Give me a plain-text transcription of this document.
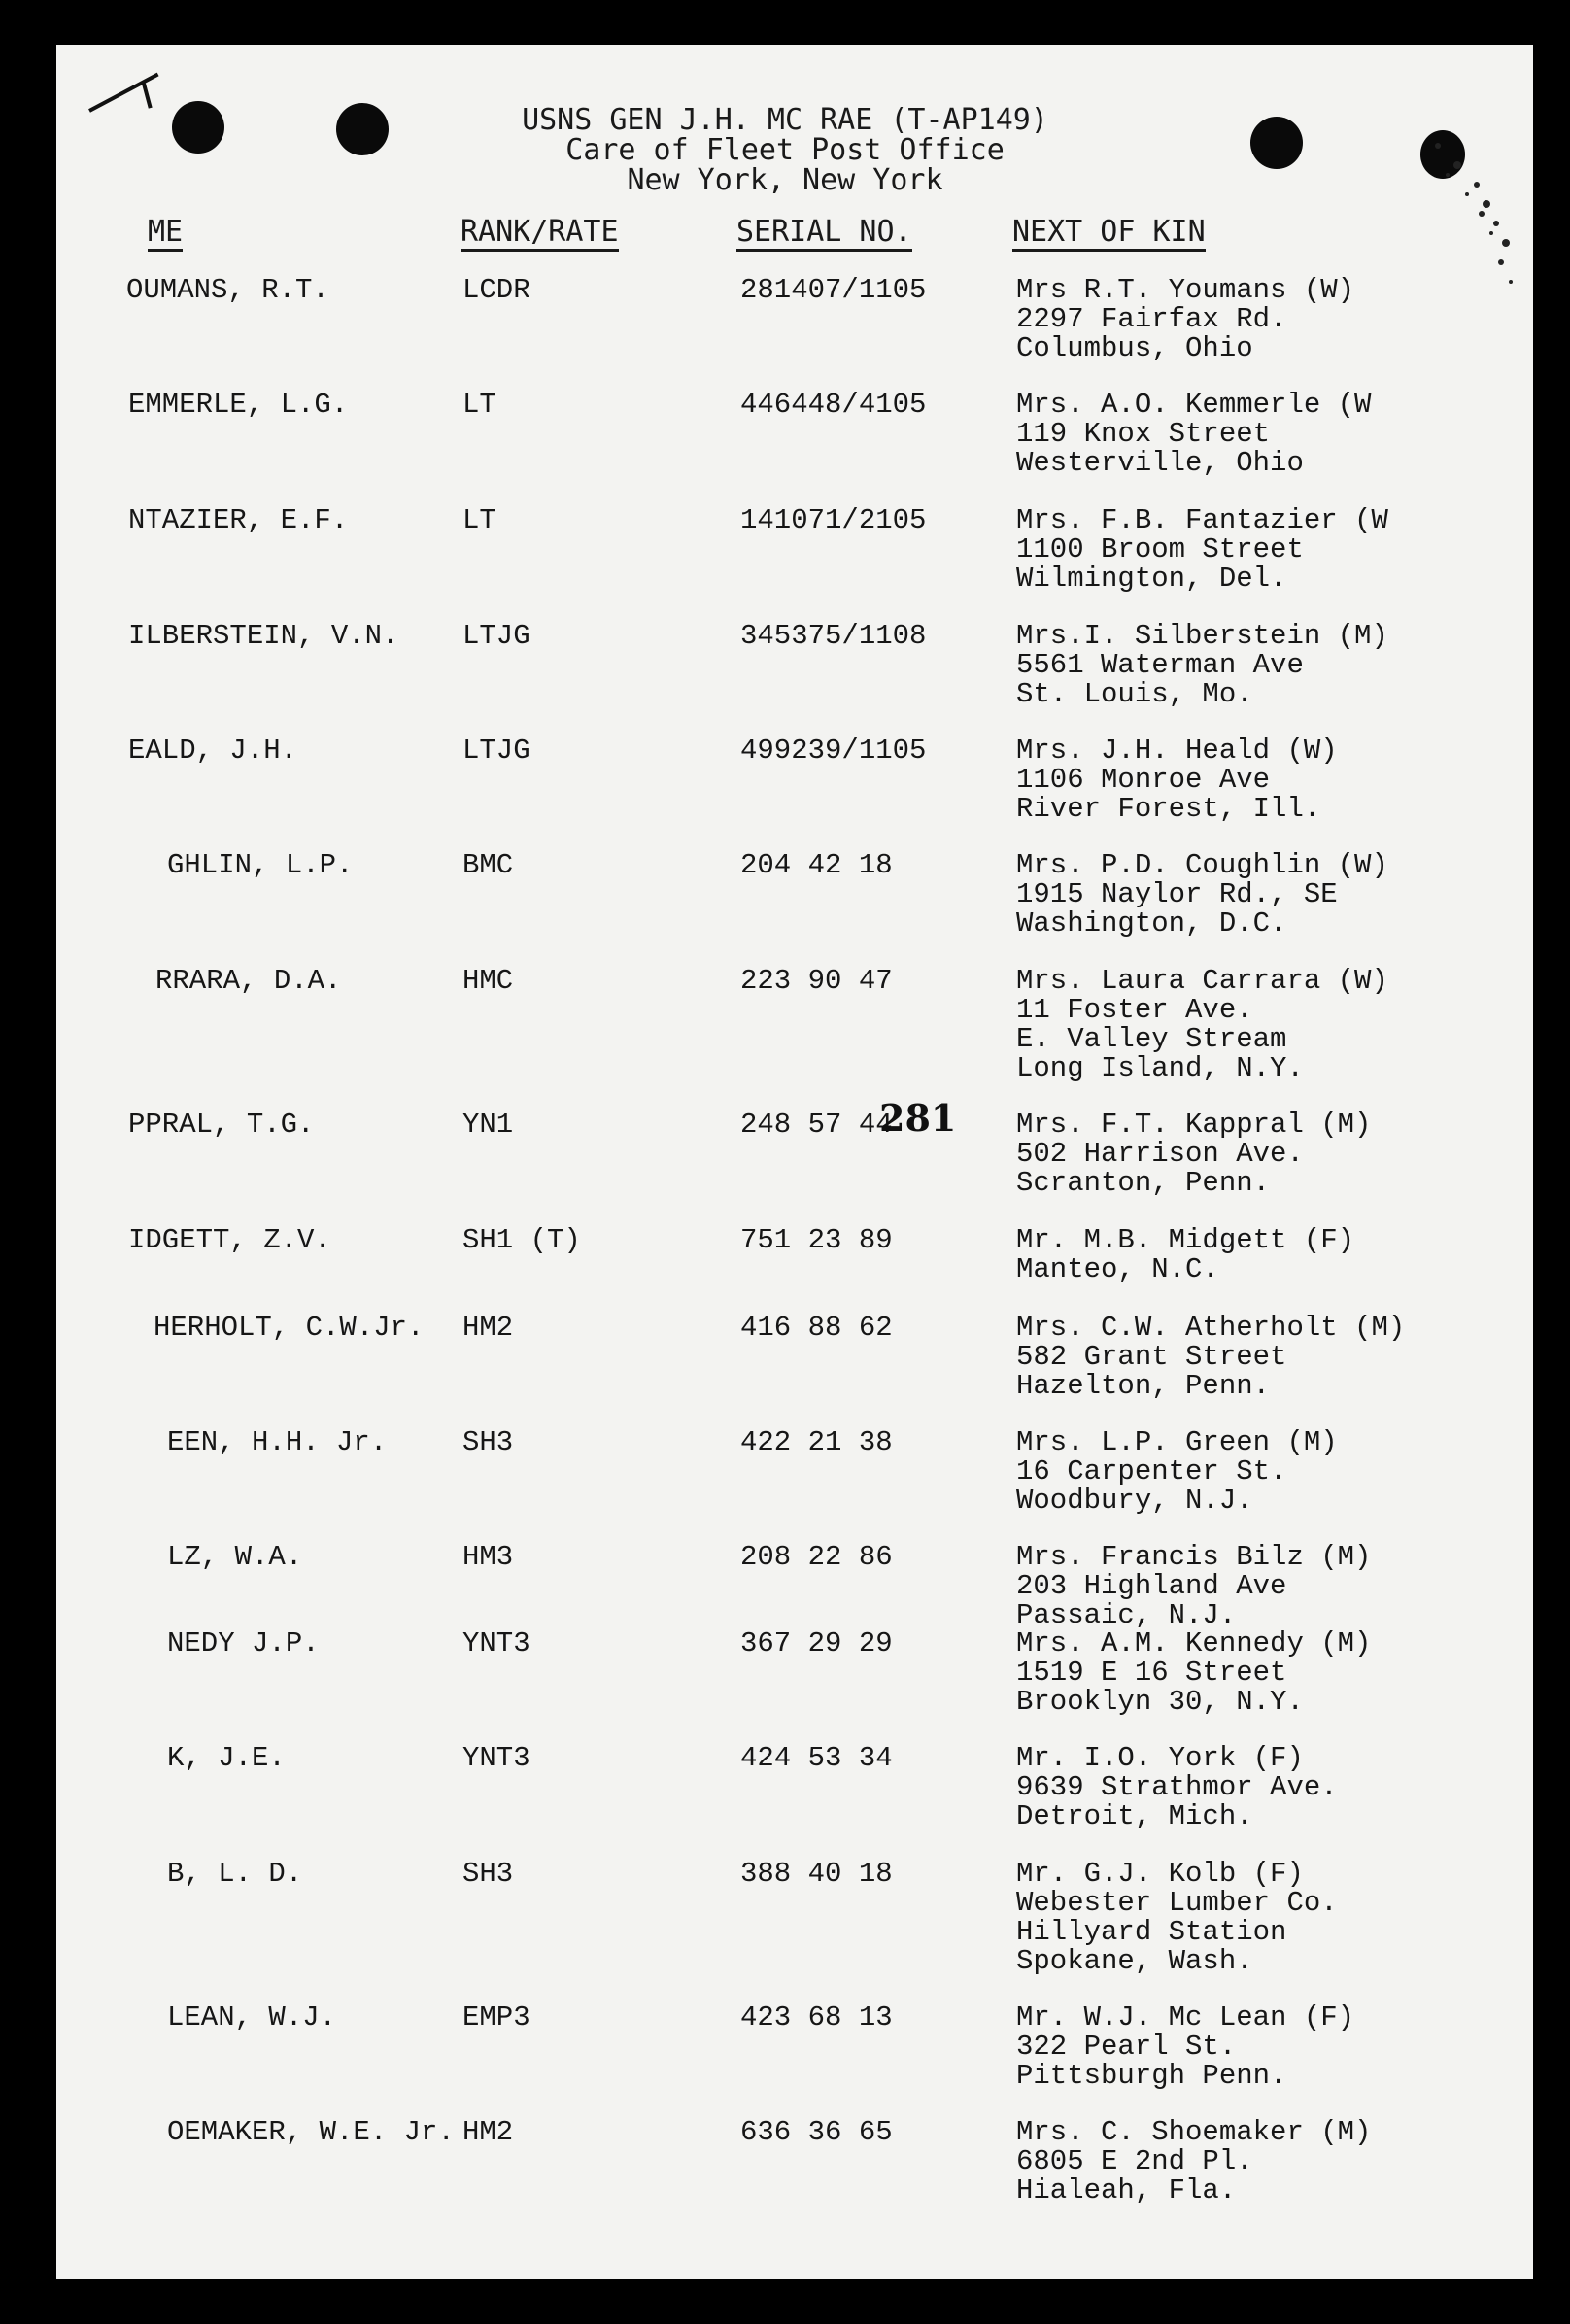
USNS GEN J.H. MC RAE (T-AP149)
Care of Fleet Post Office
New York, New York
ME	RANK/RATE	SERIAL NO.	NEXT OF KIN
OUMANS, R.T.	LCDR	281407/1105	Mrs R.T. Youmans (W)
2297 Fairfax Rd.
Columbus, Ohio
EMMERLE, L.G.	LT	446448/4105	Mrs. A.O. Kemmerle (W
119 Knox Street
Westerville, Ohio
NTAZIER, E.F.	LT	141071/2105	Mrs. F.B. Fantazier (W
1100 Broom Street
Wilmington, Del.
ILBERSTEIN, V.N. LTJG	345375/1108	Mrs.I. Silberstein (M)
5561 Waterman Ave
St. Louis, Mo.
EALD, J.H.	LTJG	499239/1105	Mrs. J.H. Heald (W)
1106 Monroe Ave
River Forest, Ill.
GHLIN, L.P.	BMC	204 42 18	Mrs. P.D. Coughlin (W)
1915 Naylor Rd., SE
Washington, D.C.
RRARA, D.A.	HMC	223 90 47	Mrs. Laura Carrara (W)
11 Foster Ave.
E. Valley Stream
Long Island, N.Y.
PPRAL, T.G.	YN1	248 57 44	Mrs. F.T. Kappral (M)
502 Harrison Ave.
Scranton, Penn.
IDGETT, Z.V.	SH1 (T)	751 23 89	Mr. M.B. Midgett (F)
Manteo, N.C.
HERHOLT, C.W.Jr. HM2	416 88 62	Mrs. C.W. Atherholt (M)
582 Grant Street
Hazelton, Penn.
EEN, H.H. Jr.	SH3	422 21 38	Mrs. L.P. Green (M)
16 Carpenter St.
Woodbury, N.J.
LZ, W.A.	HM3	208 22 86	Mrs. Francis Bilz (M)
203 Highland Ave
Passaic, N.J.
NEDY J.P.	YNT3	367 29 29	Mrs. A.M. Kennedy (M)
1519 E 16 Street
Brooklyn 30, N.Y.
K, J.E.	YNT3	424 53 34	Mr. I.O. York (F)
9639 Strathmor Ave.
Detroit, Mich.
B, L. D.	SH3	388 40 18	Mr. G.J. Kolb (F)
Webester Lumber Co.
Hillyard Station
Spokane, Wash.
LEAN, W.J.	EMP3	423 68 13	Mr. W.J. Mc Lean (F)
322 Pearl St.
Pittsburgh Penn.
OEMAKER, W.E. Jr. HM2	636 36 65	Mrs. C. Shoemaker (M)
6805 E 2nd Pl.
Hialeah, Fla.
281
